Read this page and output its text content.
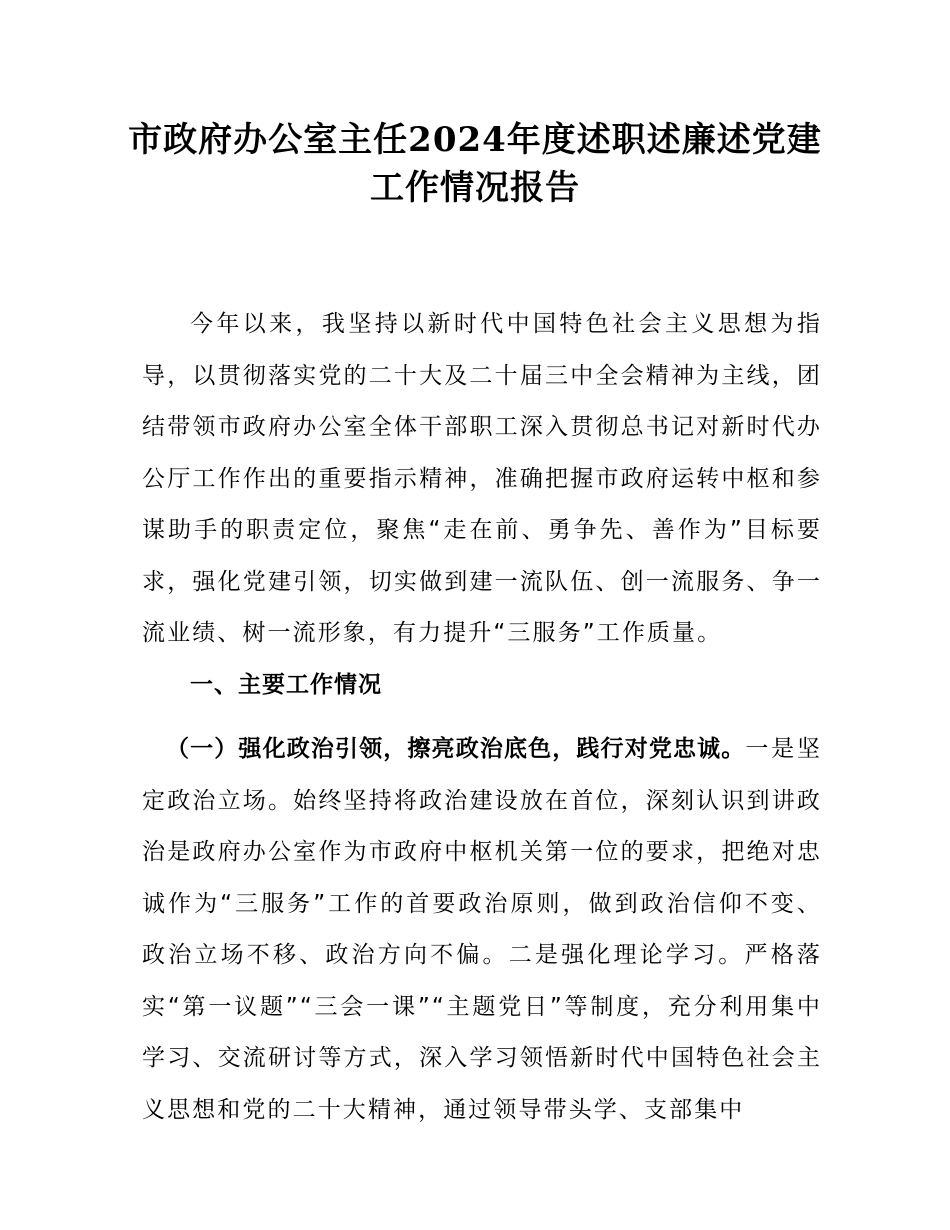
市政府办公室主任2024年度述职述廉述党建
工作情况报告

今年以来，我坚持以新时代中国特色社会主义思想为指导，以贯彻落实党的二十大及二十届三中全会精神为主线，团结带领市政府办公室全体干部职工深入贯彻总书记对新时代办公厅工作作出的重要指示精神，准确把握市政府运转中枢和参谋助手的职责定位，聚焦“走在前、勇争先、善作为”目标要求，强化党建引领，切实做到建一流队伍、创一流服务、争一流业绩、树一流形象，有力提升“三服务”工作质量。

一、主要工作情况

（一）强化政治引领，擦亮政治底色，践行对党忠诚。一是坚定政治立场。始终坚持将政治建设放在首位，深刻认识到讲政治是政府办公室作为市政府中枢机关第一位的要求，把绝对忠诚作为“三服务”工作的首要政治原则，做到政治信仰不变、政治立场不移、政治方向不偏。二是强化理论学习。严格落实“第一议题”“三会一课”“主题党日”等制度，充分利用集中学习、交流研讨等方式，深入学习领悟新时代中国特色社会主义思想和党的二十大精神，通过领导带头学、支部集中
